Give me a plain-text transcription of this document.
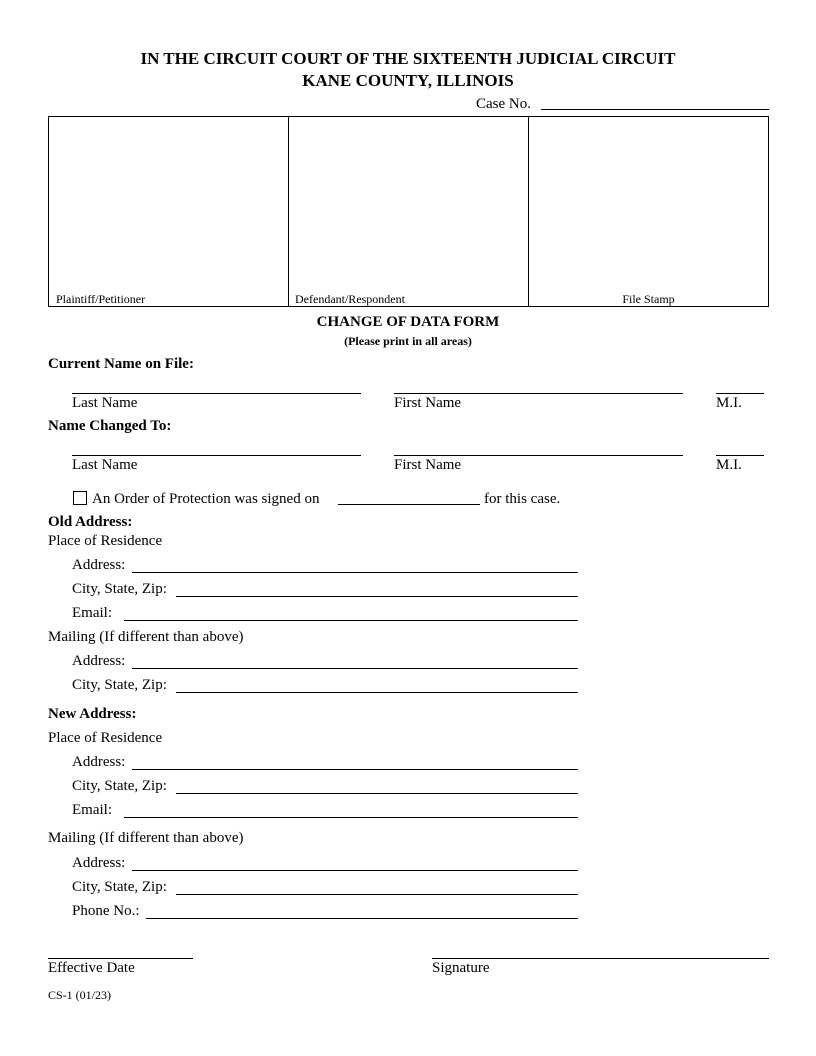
IN THE CIRCUIT COURT OF THE SIXTEENTH JUDICIAL CIRCUIT
KANE COUNTY, ILLINOIS
Case No.
Plaintiff/Petitioner	Defendant/Respondent	File Stamp
CHANGE OF DATA FORM
(Please print in all areas)
Current Name on File:
Last Name	First Name	M.I.
Name Changed To:
Last Name	First Name	M.I.
An Order of Protection was signed on	for this case.
Old Address:
Place of Residence
Address:
City, State, Zip:
Email:
Mailing (If different than above)
Address:
City, State, Zip:
New Address:
Place of Residence
Address:
City, State, Zip:
Email:
Mailing (If different than above)
Address:
City, State, Zip:
Phone No.:
Effective Date	Signature
CS-1 (01/23)
